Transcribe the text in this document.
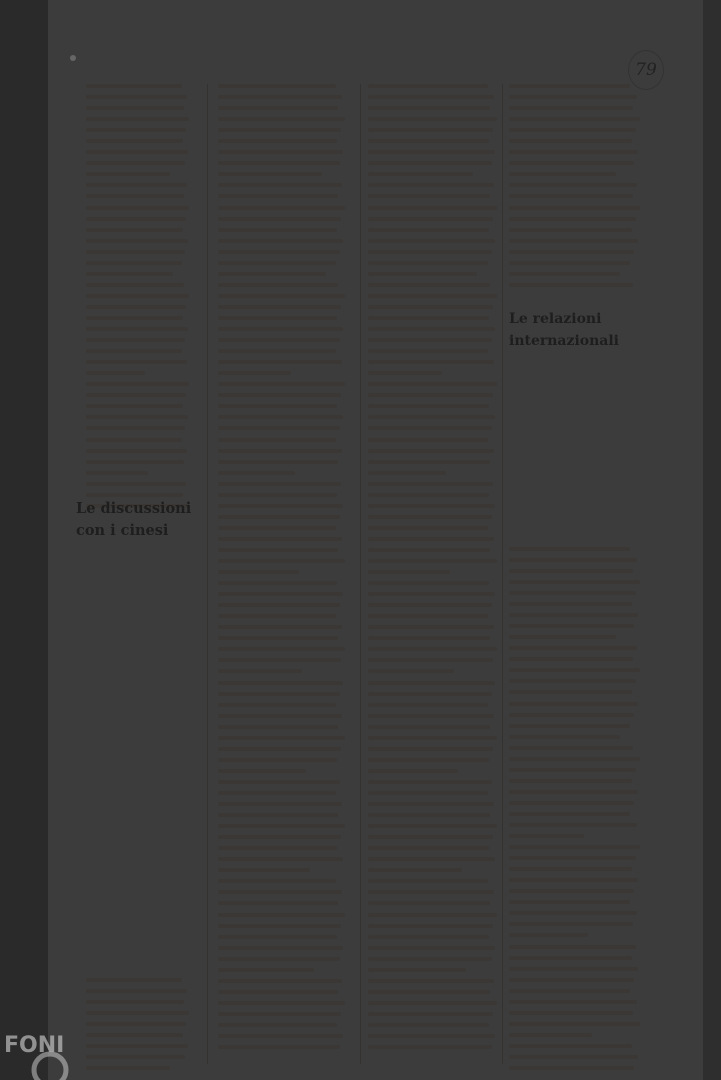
79
Le discussioni con i cinesi
Le relazioni internazionali
FONI
